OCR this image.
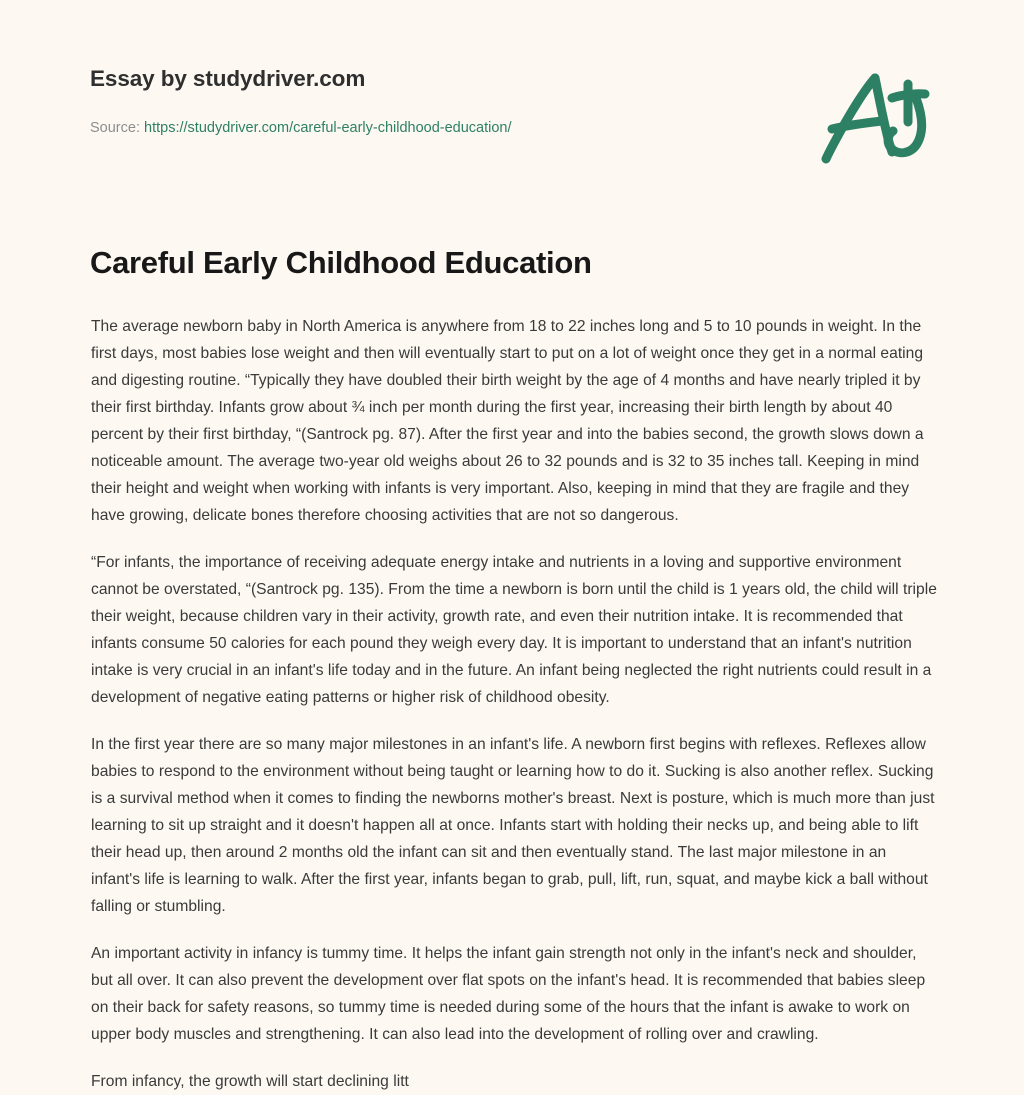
Essay by studydriver.com
Source: https://studydriver.com/careful-early-childhood-education/
Careful Early Childhood Education

The average newborn baby in North America is anywhere from 18 to 22 inches long and 5 to 10 pounds in weight. In the first days, most babies lose weight and then will eventually start to put on a lot of weight once they get in a normal eating and digesting routine. “Typically they have doubled their birth weight by the age of 4 months and have nearly tripled it by their first birthday. Infants grow about ¾ inch per month during the first year, increasing their birth length by about 40 percent by their first birthday, “(Santrock pg. 87). After the first year and into the babies second, the growth slows down a noticeable amount. The average two-year old weighs about 26 to 32 pounds and is 32 to 35 inches tall. Keeping in mind their height and weight when working with infants is very important. Also, keeping in mind that they are fragile and they have growing, delicate bones therefore choosing activities that are not so dangerous.

“For infants, the importance of receiving adequate energy intake and nutrients in a loving and supportive environment cannot be overstated, “(Santrock pg. 135). From the time a newborn is born until the child is 1 years old, the child will triple their weight, because children vary in their activity, growth rate, and even their nutrition intake. It is recommended that infants consume 50 calories for each pound they weigh every day. It is important to understand that an infant's nutrition intake is very crucial in an infant's life today and in the future. An infant being neglected the right nutrients could result in a development of negative eating patterns or higher risk of childhood obesity.

In the first year there are so many major milestones in an infant's life. A newborn first begins with reflexes. Reflexes allow babies to respond to the environment without being taught or learning how to do it. Sucking is also another reflex. Sucking is a survival method when it comes to finding the newborns mother's breast. Next is posture, which is much more than just learning to sit up straight and it doesn't happen all at once. Infants start with holding their necks up, and being able to lift their head up, then around 2 months old the infant can sit and then eventually stand. The last major milestone in an infant's life is learning to walk. After the first year, infants began to grab, pull, lift, run, squat, and maybe kick a ball without falling or stumbling.

An important activity in infancy is tummy time. It helps the infant gain strength not only in the infant's neck and shoulder, but all over. It can also prevent the development over flat spots on the infant's head. It is recommended that babies sleep on their back for safety reasons, so tummy time is needed during some of the hours that the infant is awake to work on upper body muscles and strengthening. It can also lead into the development of rolling over and crawling.

From infancy, the growth will start declining litt
